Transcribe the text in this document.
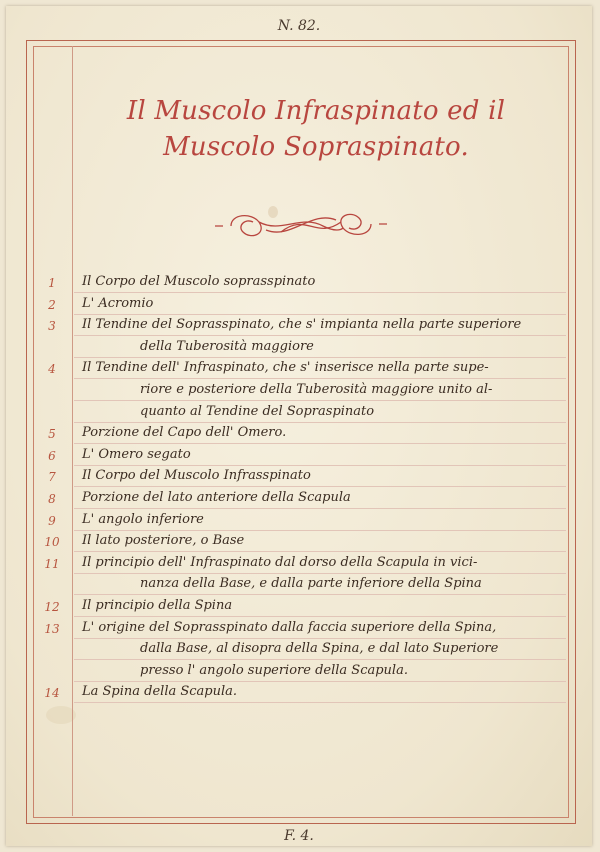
N. 82.
Il Muscolo Infraspinato ed il
Muscolo Sopraspinato.
1	Il Corpo del Muscolo soprasspinato
2	L' Acromio
3	Il Tendine del Soprasspinato, che s' impianta nella parte superiore
della Tuberosità maggiore
4	Il Tendine dell' Infraspinato, che s' inserisce nella parte supe-
riore e posteriore della Tuberosità maggiore unito al-
quanto al Tendine del Sopraspinato
5	Porzione del Capo dell' Omero.
6	L' Omero segato
7	Il Corpo del Muscolo Infrasspinato
8	Porzione del lato anteriore della Scapula
9	L' angolo inferiore
10	Il lato posteriore, o Base
11	Il principio dell' Infraspinato dal dorso della Scapula in vici-
nanza della Base, e dalla parte inferiore della Spina
12	Il principio della Spina
13	L' origine del Soprasspinato dalla faccia superiore della Spina,
dalla Base, al disopra della Spina, e dal lato Superiore
presso l' angolo superiore della Scapula.
14	La Spina della Scapula.
F. 4.
